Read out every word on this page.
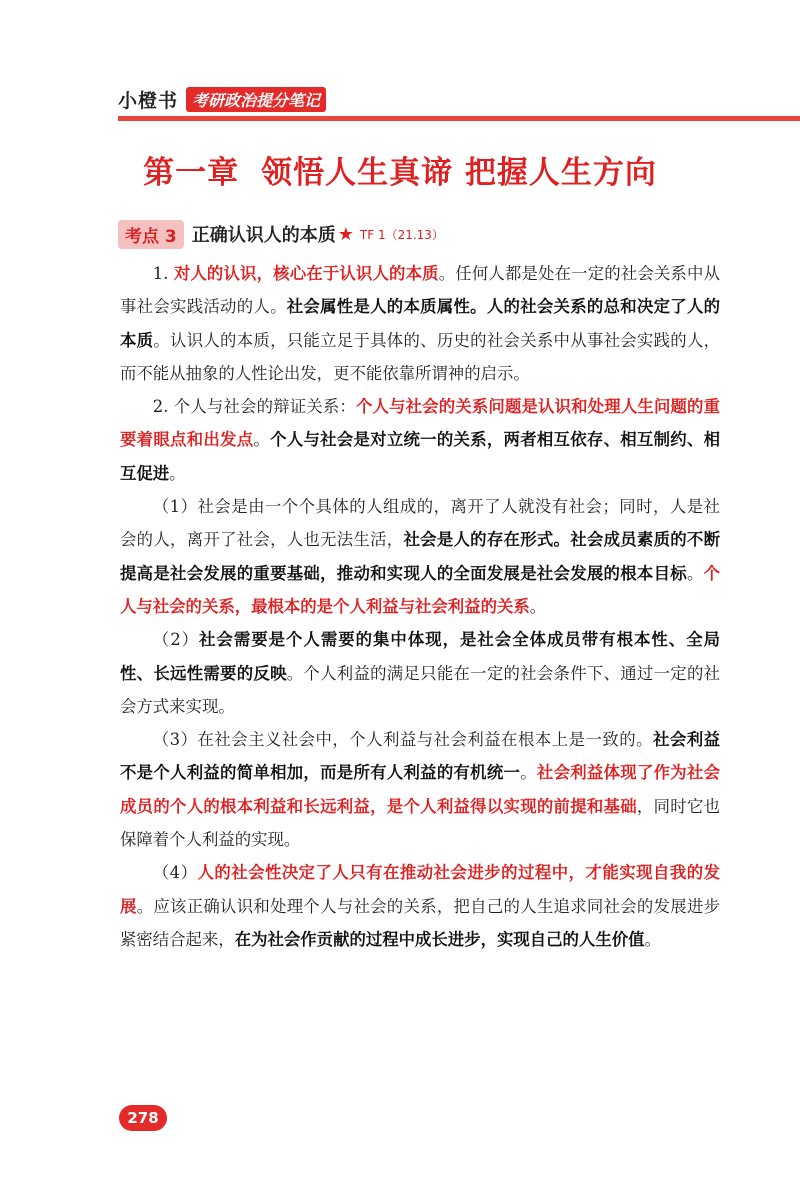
小橙书 考研政治提分笔记
第一章 领悟人生真谛 把握人生方向
考点 3 正确认识人的本质 ★ TF 1（21.13）

1. 对人的认识，核心在于认识人的本质。任何人都是处在一定的社会关系中从事社会实践活动的人。社会属性是人的本质属性。人的社会关系的总和决定了人的本质。认识人的本质，只能立足于具体的、历史的社会关系中从事社会实践的人，而不能从抽象的人性论出发，更不能依靠所谓神的启示。

2. 个人与社会的辩证关系：个人与社会的关系问题是认识和处理人生问题的重要着眼点和出发点。个人与社会是对立统一的关系，两者相互依存、相互制约、相互促进。

（1）社会是由一个个具体的人组成的，离开了人就没有社会；同时，人是社会的人，离开了社会，人也无法生活，社会是人的存在形式。社会成员素质的不断提高是社会发展的重要基础，推动和实现人的全面发展是社会发展的根本目标。个人与社会的关系，最根本的是个人利益与社会利益的关系。

（2）社会需要是个人需要的集中体现，是社会全体成员带有根本性、全局性、长远性需要的反映。个人利益的满足只能在一定的社会条件下、通过一定的社会方式来实现。

（3）在社会主义社会中，个人利益与社会利益在根本上是一致的。社会利益不是个人利益的简单相加，而是所有人利益的有机统一。社会利益体现了作为社会成员的个人的根本利益和长远利益，是个人利益得以实现的前提和基础，同时它也保障着个人利益的实现。

（4）人的社会性决定了人只有在推动社会进步的过程中，才能实现自我的发展。应该正确认识和处理个人与社会的关系，把自己的人生追求同社会的发展进步紧密结合起来，在为社会作贡献的过程中成长进步，实现自己的人生价值。

278
